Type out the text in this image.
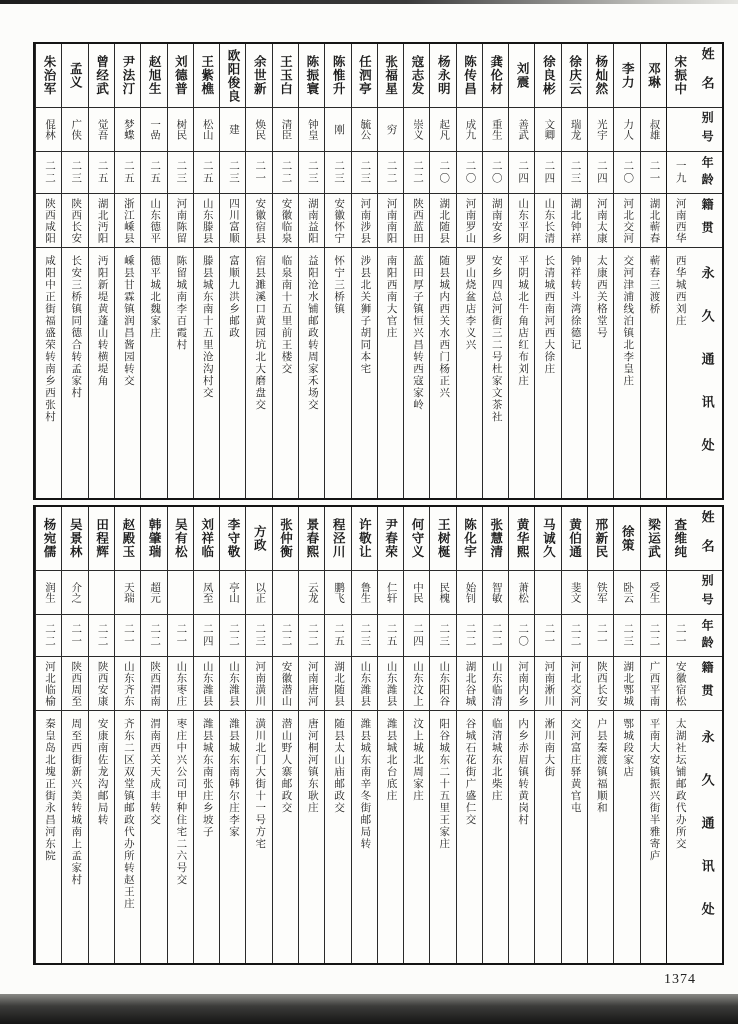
姓名
别号
年龄
籍贯
永久通讯处
宋振中
一九
河南西华
西华城西刘庄
邓琳
叔雄
二一
湖北蕲春
蕲春三渡桥
李力
力人
二〇
河北交河
交河津浦线泊镇北李皇庄
杨灿然
光宇
二四
河南太康
太康西关格堂号
徐庆云
瑞龙
二三
湖北钟祥
钟祥转斗湾徐德记
徐良彬
文卿
二四
山东长清
长清城西南河西大徐庄
刘震
善武
二四
山东平阴
平阴城北牛角店红布刘庄
龚伦材
重生
二〇
湖南安乡
安乡四总河街三二号杜家文茶社
陈传昌
成九
二〇
河南罗山
罗山烧盆店李义兴
杨永明
起凡
二〇
湖北随县
随县城内西关水西门杨正兴
寇志发
崇义
二二
陕西蓝田
蓝田厚子镇恒兴昌转西寇家岭
张福星
穷
二二
河南南阳
南阳西南大官庄
任泗亭
毓公
二三
河南涉县
涉县北关狮子胡同本宅
陈惟升
刚
二三
安徽怀宁
怀宁三桥镇
陈振寰
钟皇
二三
湖南益阳
益阳沧水铺邮政转周家禾场交
王玉白
清臣
二二
安徽临泉
临泉南十五里前王楼交
余世新
焕民
二一
安徽宿县
宿县濉溪口黄园坑北大磨盘交
欧阳俊良
建
二三
四川富顺
富顺九洪乡邮政
王紫樵
松山
二五
山东滕县
滕县城东南十五里沧沟村交
刘德普
树民
二三
河南陈留
陈留城南李百霞村
赵旭生
一嵒
二五
山东德平
德平城北魏家庄
尹法汀
梦蝶
二五
浙江嵊县
嵊县甘霖镇润昌酱园转交
曾经武
觉吾
二五
湖北沔阳
沔阳新堤黄蓬山转横堤角
孟义
广侠
二三
陕西长安
长安三桥镇同德合转孟家村
朱治军
倱林
二二
陕西咸阳
咸阳中正街福盛荣转南乡西张村
姓名
别号
年龄
籍贯
永久通讯处
查维纯
二一
安徽宿松
太湖社坛铺邮政代办所交
梁运武
受生
二二
广西平南
平南大安镇振兴街半雅寄庐
徐策
卧云
二三
湖北鄂城
鄂城段家店
邢新民
铁军
二一
陕西长安
户县秦渡镇福顺和
黄伯通
斐文
二二
河北交河
交河富庄驿黄官屯
马诚久
二一
河南淅川
淅川南大街
黄华熙
萧松
二〇
河南内乡
内乡赤眉镇转黄岗村
张慧清
智敏
二二
山东临清
临清城东北柴庄
陈化宇
始钊
二二
湖北谷城
谷城石花街广盛仁交
王树梴
民槐
二三
山东阳谷
阳谷城东二十五里王家庄
何守义
中民
二四
山东汶上
汶上城北周家庄
尹春荣
仁轩
二五
山东潍县
潍县城北台底庄
许敬让
鲁生
二三
山东潍县
潍县城东南辛冬街邮局转
程泾川
鹏飞
二五
湖北随县
随县太山庙邮政交
景春熙
云龙
二二
河南唐河
唐河桐河镇东耿庄
张仲衡
二二
安徽潜山
潜山野人寨邮政交
方政
以正
二三
河南潢川
潢川北门大街十一号方宅
李守敬
亭山
二二
山东潍县
潍县城东南韩尔庄李家
刘祥临
凤至
二四
山东潍县
潍县城东南张庄乡坡子
吴有松
二一
山东枣庄
枣庄中兴公司甲种住宅二六号交
韩肇瑞
超元
二二
陕西渭南
渭南西关天成丰转交
赵殿玉
天瑞
二一
山东齐东
齐东二区双堂镇邮政代办所转赵王庄
田程辉
二二
陕西安康
安康南佐龙沟邮局转
吴景林
介之
二一
陕西周至
周至西街新兴美转城南上孟家村
杨宛儒
润生
二二
河北临榆
秦皇岛北塊正街永昌河东院
1374
